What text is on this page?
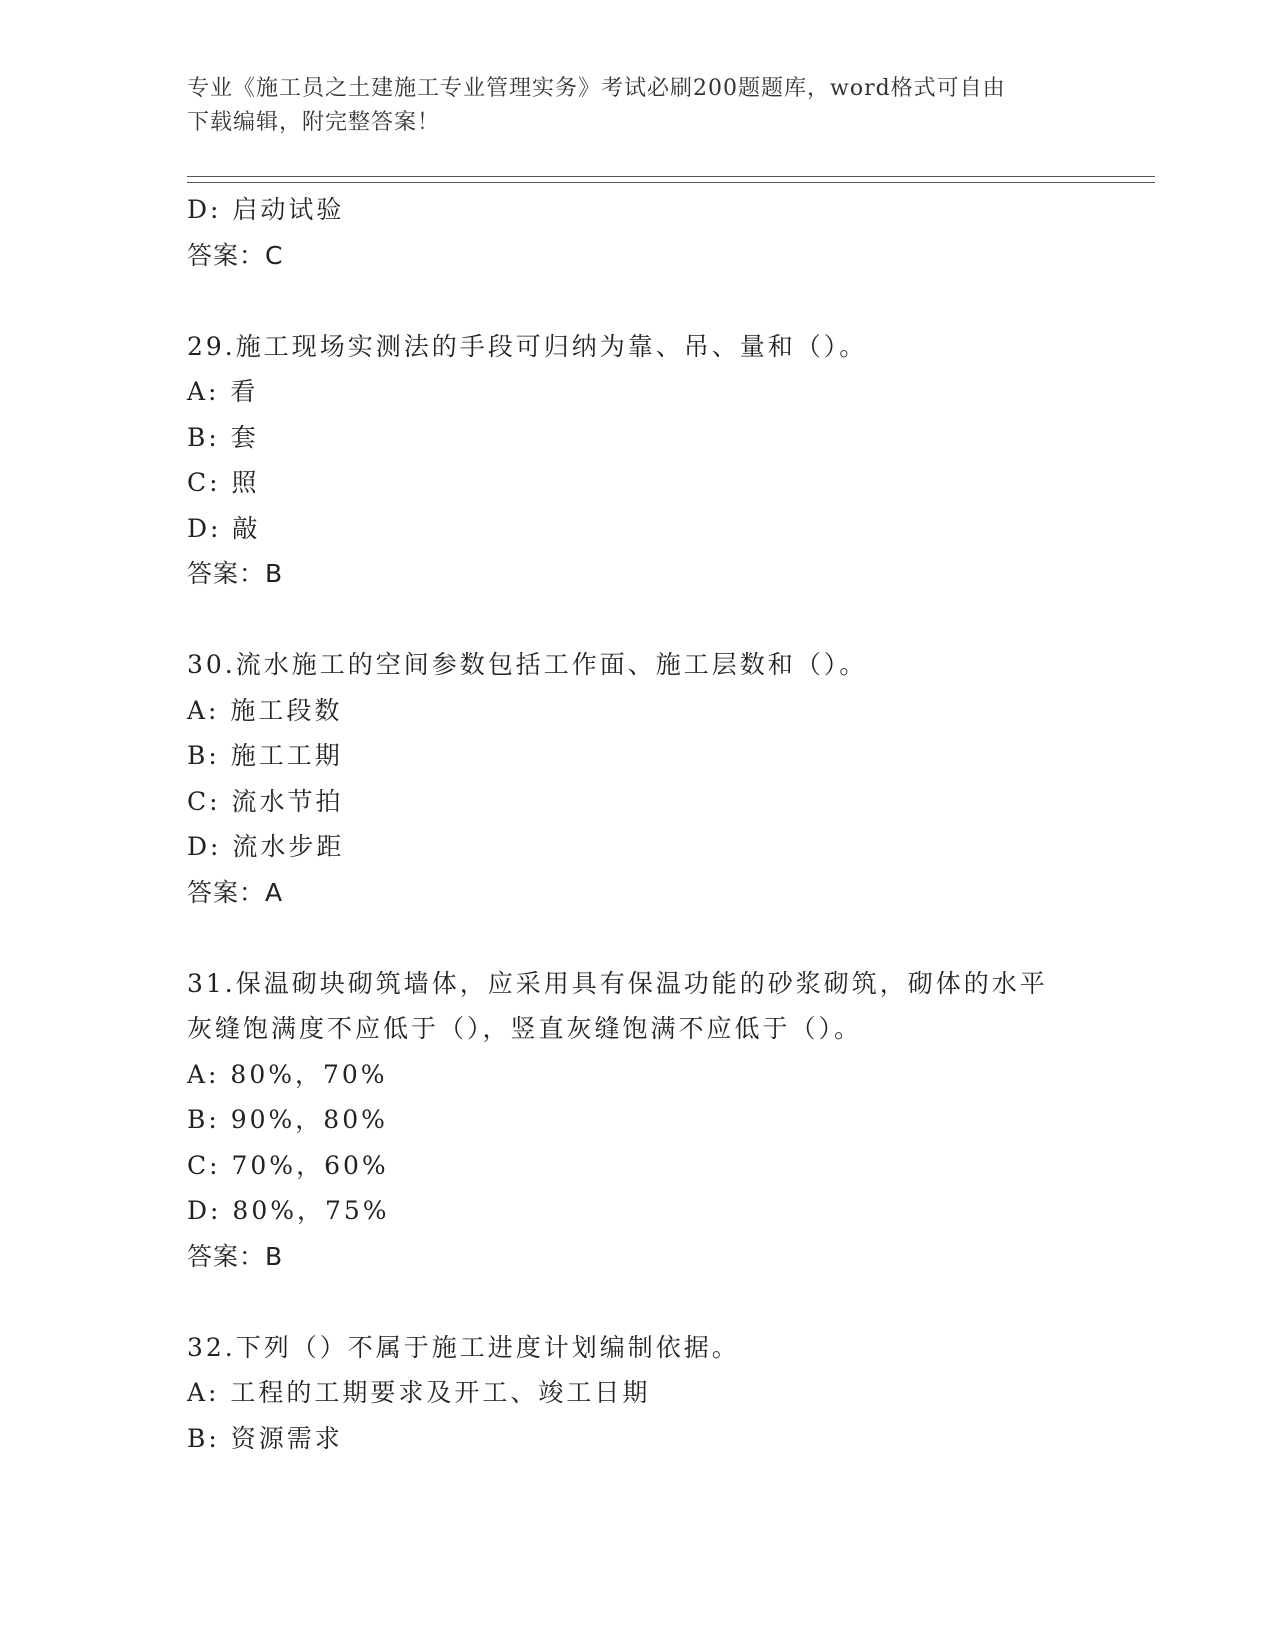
专业《施工员之土建施工专业管理实务》考试必刷200题题库，word格式可自由
下载编辑，附完整答案！
D: 启动试验
答案：C
29.施工现场实测法的手段可归纳为靠、吊、量和（）。
A: 看
B: 套
C: 照
D: 敲
答案：B
30.流水施工的空间参数包括工作面、施工层数和（）。
A: 施工段数
B: 施工工期
C: 流水节拍
D: 流水步距
答案：A
31.保温砌块砌筑墙体，应采用具有保温功能的砂浆砌筑，砌体的水平
灰缝饱满度不应低于（），竖直灰缝饱满不应低于（）。
A: 80%，70%
B: 90%，80%
C: 70%，60%
D: 80%，75%
答案：B
32.下列（）不属于施工进度计划编制依据。
A: 工程的工期要求及开工、竣工日期
B: 资源需求
